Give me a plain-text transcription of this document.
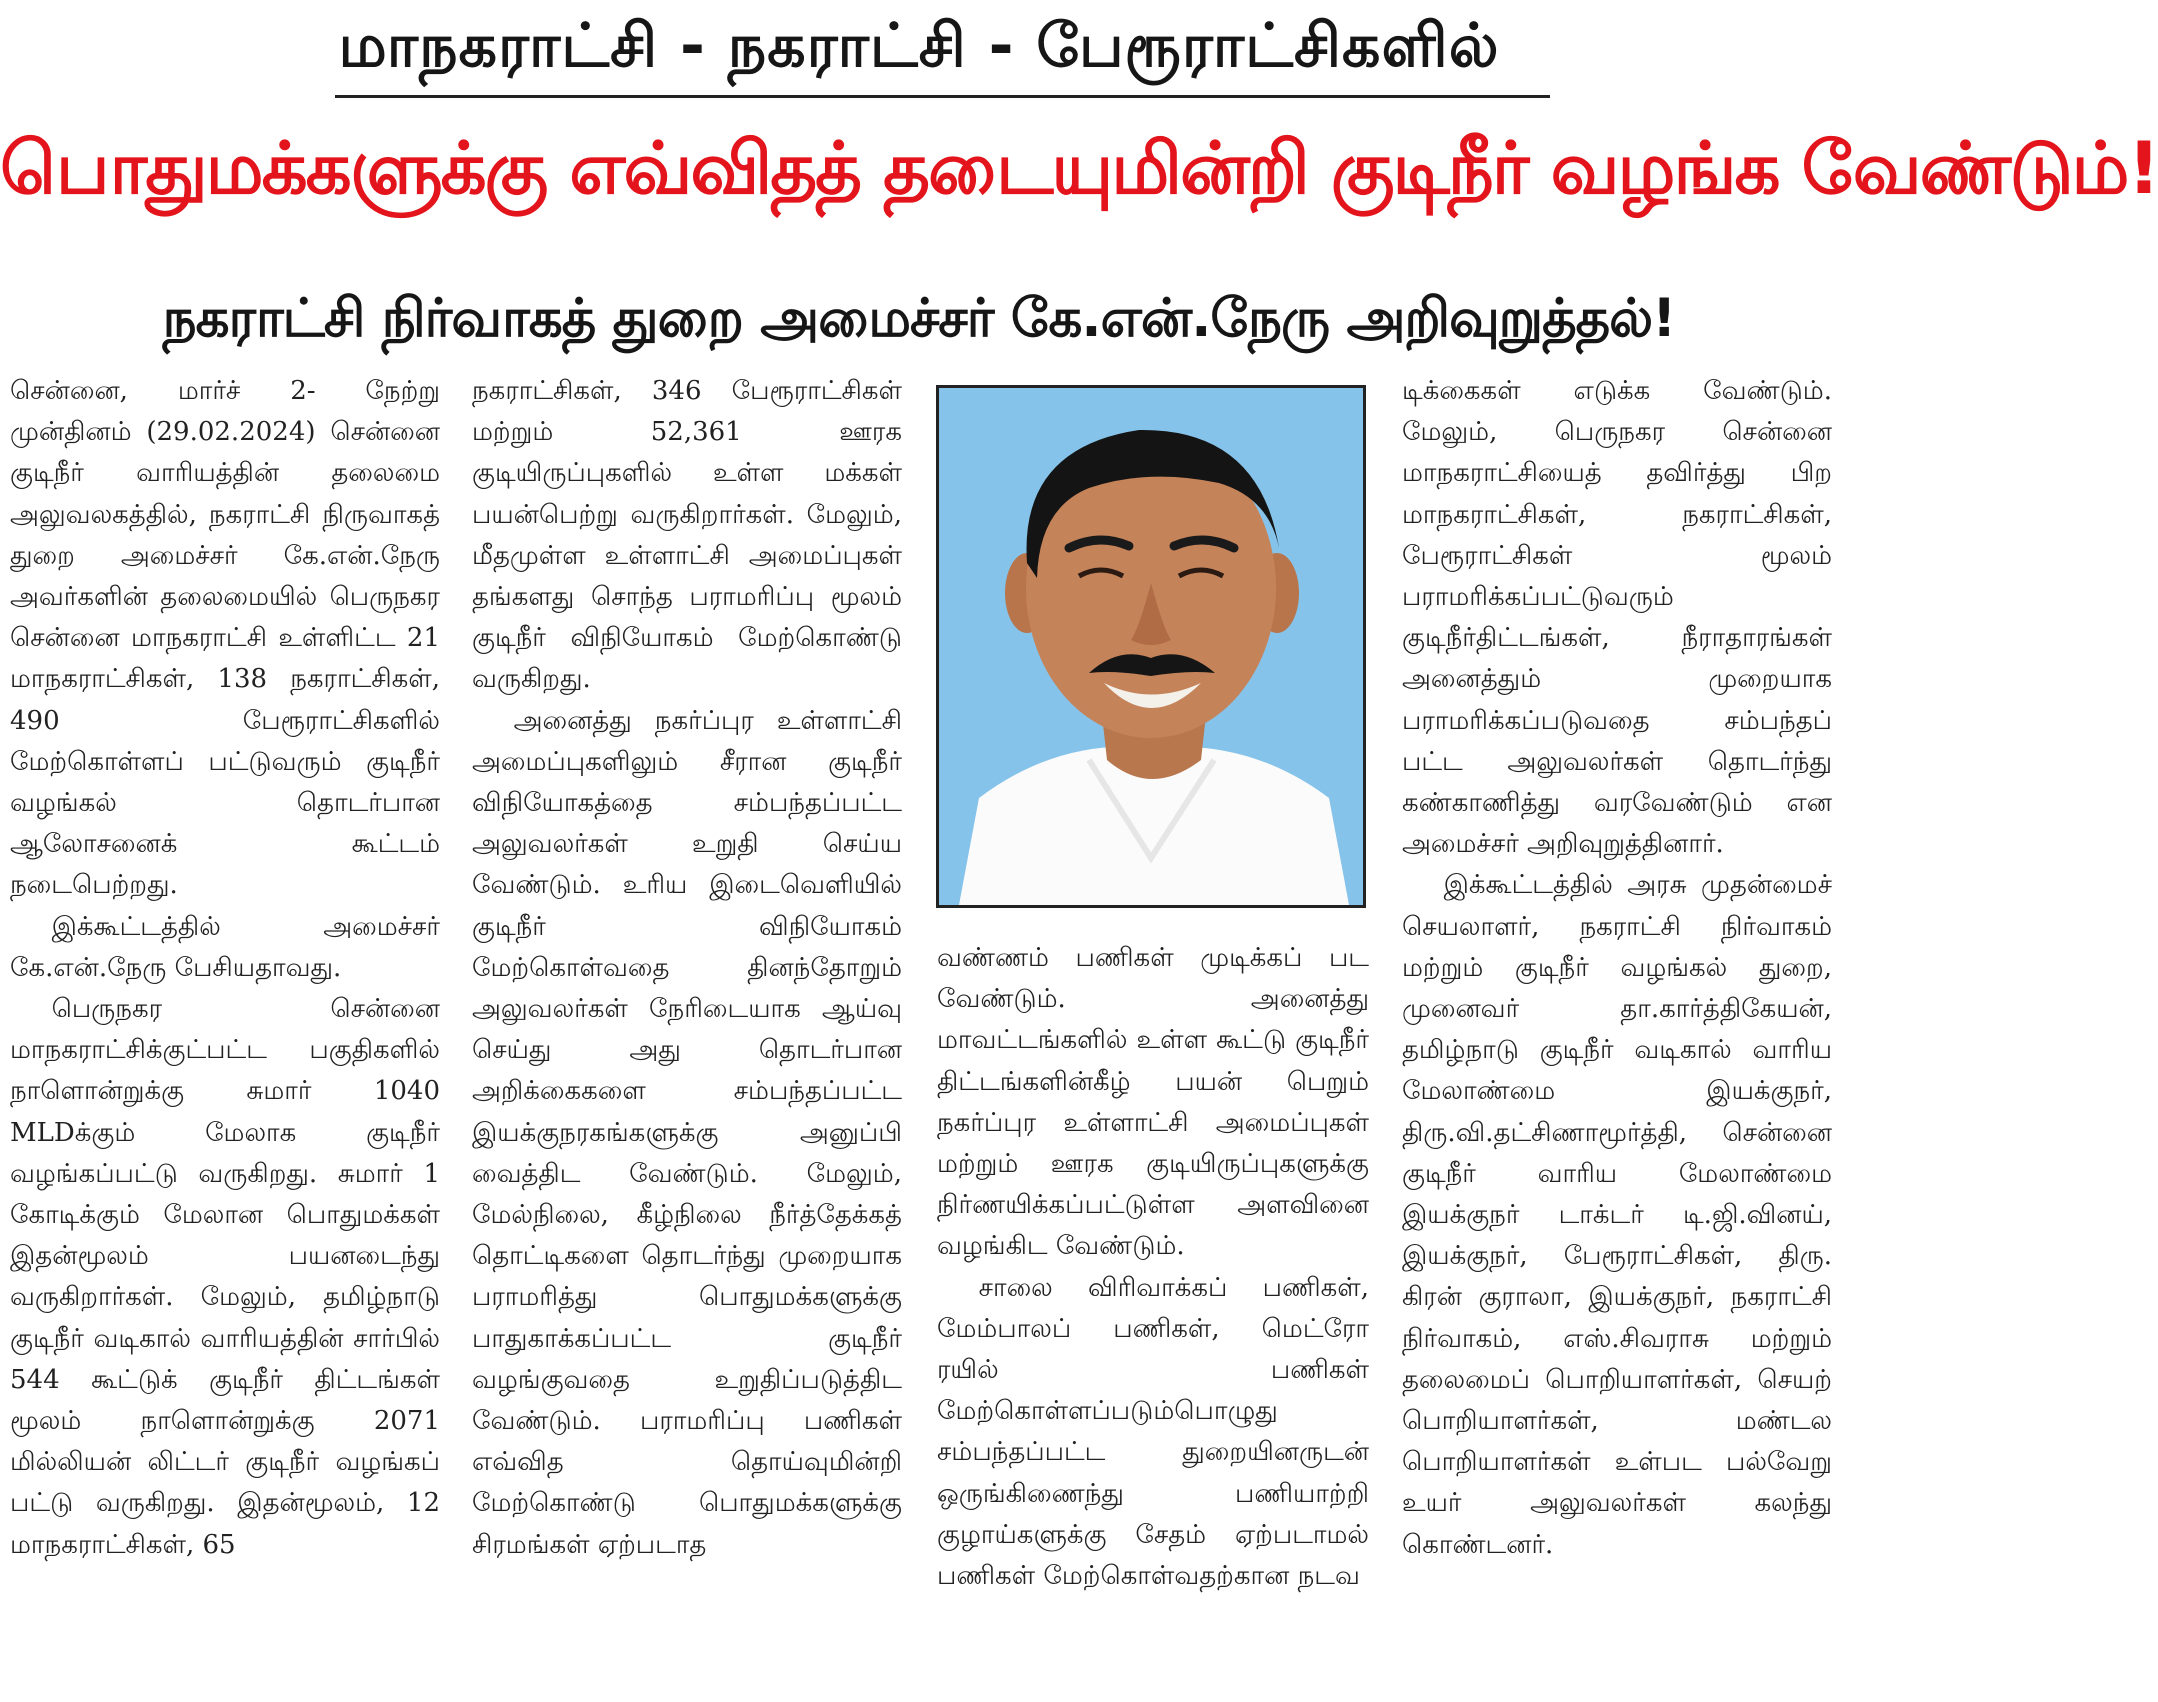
மாநகராட்சி - நகராட்சி - பேரூராட்சிகளில்
பொதுமக்களுக்கு எவ்விதத் தடையுமின்றி குடிநீர் வழங்க வேண்டும்!
நகராட்சி நிர்வாகத் துறை அமைச்சர் கே.என்.நேரு அறிவுறுத்தல்!

சென்னை, மார்ச் 2- நேற்று முன்தினம் (29.02.2024) சென்னை குடிநீர் வாரியத்தின் தலைமை அலுவலகத்தில், நகராட்சி நிருவாகத் துறை அமைச்சர் கே.என்.நேரு அவர்களின் தலைமையில் பெருநகர சென்னை மாநகராட்சி உள்ளிட்ட 21 மாநகராட்சிகள், 138 நகராட்சிகள், 490 பேரூராட்சிகளில் மேற்கொள்ளப் பட்டுவரும் குடிநீர் வழங்கல் தொடர்பான ஆலோசனைக் கூட்டம் நடைபெற்றது.

இக்கூட்டத்தில் அமைச்சர் கே.என்.நேரு பேசியதாவது.

பெருநகர சென்னை மாநகராட்சிக்குட்பட்ட பகுதிகளில் நாளொன்றுக்கு சுமார் 1040 MLDக்கும் மேலாக குடிநீர் வழங்கப்பட்டு வருகிறது. சுமார் 1 கோடிக்கும் மேலான பொதுமக்கள் இதன்மூலம் பயனடைந்து வருகிறார்கள். மேலும், தமிழ்நாடு குடிநீர் வடிகால் வாரியத்தின் சார்பில் 544 கூட்டுக் குடிநீர் திட்டங்கள் மூலம் நாளொன்றுக்கு 2071 மில்லியன் லிட்டர் குடிநீர் வழங்கப் பட்டு வருகிறது. இதன்மூலம், 12 மாநகராட்சிகள், 65

நகராட்சிகள், 346 பேரூராட்சிகள் மற்றும் 52,361 ஊரக குடியிருப்புகளில் உள்ள மக்கள் பயன்பெற்று வருகிறார்கள். மேலும், மீதமுள்ள உள்ளாட்சி அமைப்புகள் தங்களது சொந்த பராமரிப்பு மூலம் குடிநீர் விநியோகம் மேற்கொண்டு வருகிறது.

அனைத்து நகர்ப்புர உள்ளாட்சி அமைப்புகளிலும் சீரான குடிநீர் விநியோகத்தை சம்பந்தப்பட்ட அலுவலர்கள் உறுதி செய்ய வேண்டும். உரிய இடைவெளியில் குடிநீர் விநியோகம் மேற்கொள்வதை தினந்தோறும் அலுவலர்கள் நேரிடையாக ஆய்வு செய்து அது தொடர்பான அறிக்கைகளை சம்பந்தப்பட்ட இயக்குநரகங்களுக்கு அனுப்பி வைத்திட வேண்டும். மேலும், மேல்நிலை, கீழ்நிலை நீர்த்தேக்கத் தொட்டிகளை தொடர்ந்து முறையாக பராமரித்து பொதுமக்களுக்கு பாதுகாக்கப்பட்ட குடிநீர் வழங்குவதை உறுதிப்படுத்திட வேண்டும். பராமரிப்பு பணிகள் எவ்வித தொய்வுமின்றி மேற்கொண்டு பொதுமக்களுக்கு சிரமங்கள் ஏற்படாத

வண்ணம் பணிகள் முடிக்கப் பட வேண்டும். அனைத்து மாவட்டங்களில் உள்ள கூட்டு குடிநீர் திட்டங்களின்கீழ் பயன் பெறும் நகர்ப்புர உள்ளாட்சி அமைப்புகள் மற்றும் ஊரக குடியிருப்புகளுக்கு நிர்ணயிக்கப்பட்டுள்ள அளவினை வழங்கிட வேண்டும்.

சாலை விரிவாக்கப் பணிகள், மேம்பாலப் பணிகள், மெட்ரோ ரயில் பணிகள் மேற்கொள்ளப்படும்பொழுது சம்பந்தப்பட்ட துறையினருடன் ஒருங்கிணைந்து பணியாற்றி குழாய்களுக்கு சேதம் ஏற்படாமல் பணிகள் மேற்கொள்வதற்கான நடவ

டிக்கைகள் எடுக்க வேண்டும். மேலும், பெருநகர சென்னை மாநகராட்சியைத் தவிர்த்து பிற மாநகராட்சிகள், நகராட்சிகள், பேரூராட்சிகள் மூலம் பராமரிக்கப்பட்டுவரும் குடிநீர்திட்டங்கள், நீராதாரங்கள் அனைத்தும் முறையாக பராமரிக்கப்படுவதை சம்பந்தப் பட்ட அலுவலர்கள் தொடர்ந்து கண்காணித்து வரவேண்டும் என அமைச்சர் அறிவுறுத்தினார்.

இக்கூட்டத்தில் அரசு முதன்மைச் செயலாளர், நகராட்சி நிர்வாகம் மற்றும் குடிநீர் வழங்கல் துறை, முனைவர் தா.கார்த்திகேயன், தமிழ்நாடு குடிநீர் வடிகால் வாரிய மேலாண்மை இயக்குநர், திரு.வி.தட்சிணாமூர்த்தி, சென்னை குடிநீர் வாரிய மேலாண்மை இயக்குநர் டாக்டர் டி.ஜி.வினய், இயக்குநர், பேரூராட்சிகள், திரு. கிரன் குராலா, இயக்குநர், நகராட்சி நிர்வாகம், எஸ்.சிவராசு மற்றும் தலைமைப் பொறியாளர்கள், செயற் பொறியாளர்கள், மண்டல பொறியாளர்கள் உள்பட பல்வேறு உயர் அலுவலர்கள் கலந்து கொண்டனர்.
